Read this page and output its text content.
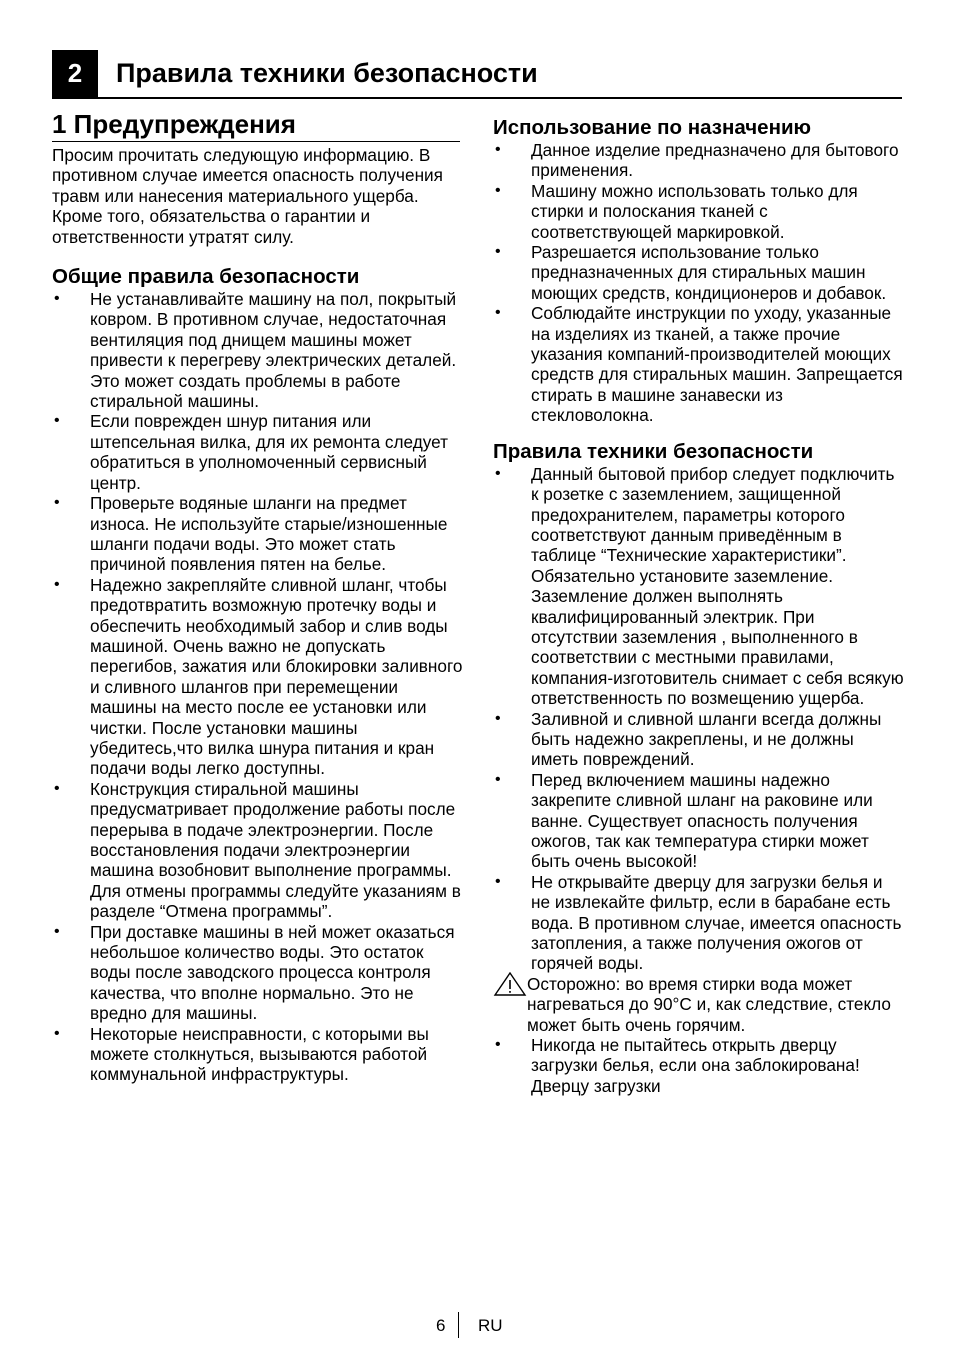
2	Правила техники безопасности
1 Предупреждения

Просим прочитать следующую информацию. В противном случае имеется опасность получения травм или нанесения материального ущерба. Кроме того, обязательства о гарантии и ответственности утратят силу.

Общие правила безопасности
• Не устанавливайте машину на пол, покрытый ковром. В противном случае, недостаточная вентиляция под днищем машины может привести к перегреву электрических деталей. Это может создать проблемы в работе стиральной машины.
• Если поврежден шнур питания или штепсельная вилка, для их ремонта следует обратиться в уполномоченный сервисный центр.
• Проверьте водяные шланги на предмет износа. Не используйте старые/изношенные шланги подачи воды. Это может стать причиной появления пятен на белье.
• Надежно закрепляйте сливной шланг, чтобы предотвратить возможную протечку воды и обеспечить необходимый забор и слив воды машиной. Очень важно не допускать перегибов, зажатия или блокировки заливного и сливного шлангов при перемещении машины на место после ее установки или чистки. После установки машины убедитесь,что вилка шнура питания и кран подачи воды легко доступны.
• Конструкция стиральной машины предусматривает продолжение работы после перерыва в подаче электроэнергии. После восстановления подачи электроэнергии машина возобновит выполнение программы. Для отмены программы следуйте указаниям в разделе “Отмена программы”.
• При доставке машины в ней может оказаться небольшое количество воды. Это остаток воды после заводского процесса контроля качества, что вполне нормально. Это не вредно для машины.
• Некоторые неисправности, с которыми вы можете столкнуться, вызываются работой коммунальной инфраструктуры.
Использование по назначению
• Данное изделие предназначено для бытового применения.
• Машину можно использовать только для стирки и полоскания тканей с соответствующей маркировкой.
• Разрешается использование только предназначенных для стиральных машин моющих средств, кондиционеров и добавок.
• Соблюдайте инструкции по уходу, указанные на изделиях из тканей, а также прочие указания компаний-производителей моющих средств для стиральных машин. Запрещается стирать в машине занавески из стекловолокна.
Правила техники безопасности
• Данный бытовой прибор следует подключить к розетке с заземлением, защищенной предохранителем, параметры которого соответствуют данным приведённым в таблице “Технические характеристики”. Обязательно установите заземление. Заземление должен выполнять квалифицированный электрик. При отсутствии заземления , выполненного в соответствии с местными правилами, компания-изготовитель снимает с себя всякую ответственность по возмещению ущерба.
• Заливной и сливной шланги всегда должны быть надежно закреплены, и не должны иметь повреждений.
• Перед включением машины надежно закрепите сливной шланг на раковине или ванне. Существует опасность получения ожогов, так как температура стирки может быть очень высокой!
• Не открывайте дверцу для загрузки белья и не извлекайте фильтр, если в барабане есть вода. В противном случае, имеется опасность затопления, а также получения ожогов от горячей воды.
Осторожно: во время стирки вода может нагреваться до 90°C и, как следствие, стекло может быть очень горячим.
• Никогда не пытайтесь открыть дверцу загрузки белья, если она заблокирована! Дверцу загрузки
6 RU
